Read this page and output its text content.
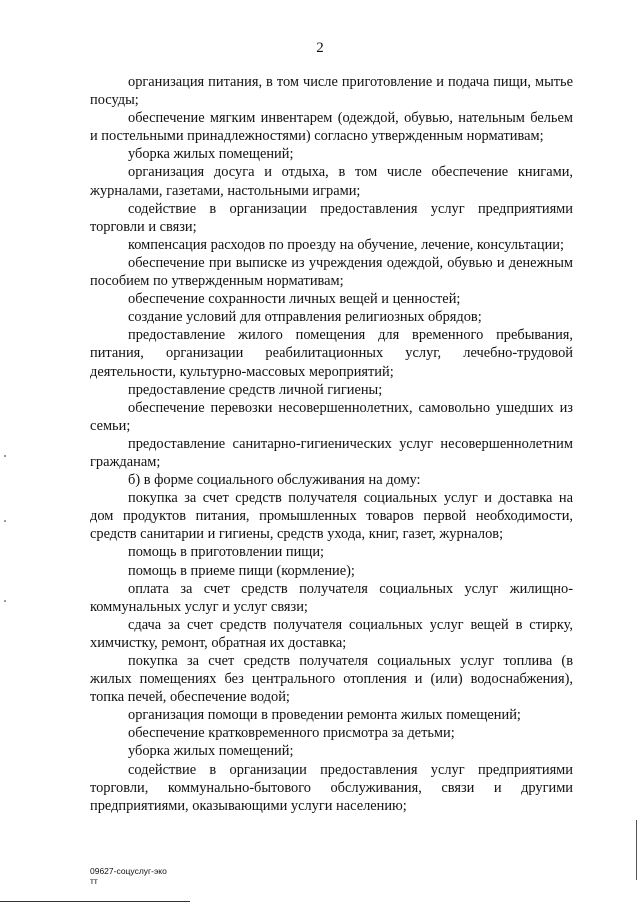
2

организация питания, в том числе приготовление и подача пищи, мытье посуды;

обеспечение мягким инвентарем (одеждой, обувью, нательным бельем и постельными принадлежностями) согласно утвержденным нормативам;

уборка жилых помещений;

организация досуга и отдыха, в том числе обеспечение книгами, журналами, газетами, настольными играми;

содействие в организации предоставления услуг предприятиями торговли и связи;

компенсация расходов по проезду на обучение, лечение, консультации;

обеспечение при выписке из учреждения одеждой, обувью и денежным пособием по утвержденным нормативам;

обеспечение сохранности личных вещей и ценностей;

создание условий для отправления религиозных обрядов;

предоставление жилого помещения для временного пребывания, питания, организации реабилитационных услуг, лечебно-трудовой деятельности, культурно-массовых мероприятий;

предоставление средств личной гигиены;

обеспечение перевозки несовершеннолетних, самовольно ушедших из семьи;

предоставление санитарно-гигиенических услуг несовершеннолетним гражданам;

б) в форме социального обслуживания на дому:

покупка за счет средств получателя социальных услуг и доставка на дом продуктов питания, промышленных товаров первой необходимости, средств санитарии и гигиены, средств ухода, книг, газет, журналов;

помощь в приготовлении пищи;

помощь в приеме пищи (кормление);

оплата за счет средств получателя социальных услуг жилищно-коммунальных услуг и услуг связи;

сдача за счет средств получателя социальных услуг вещей в стирку, химчистку, ремонт, обратная их доставка;

покупка за счет средств получателя социальных услуг топлива (в жилых помещениях без центрального отопления и (или) водоснабжения), топка печей, обеспечение водой;

организация помощи в проведении ремонта жилых помещений;

обеспечение кратковременного присмотра за детьми;

уборка жилых помещений;

содействие в организации предоставления услуг предприятиями торговли, коммунально-бытового обслуживания, связи и другими предприятиями, оказывающими услуги населению;

09627-соцуслуг-эко
тт
